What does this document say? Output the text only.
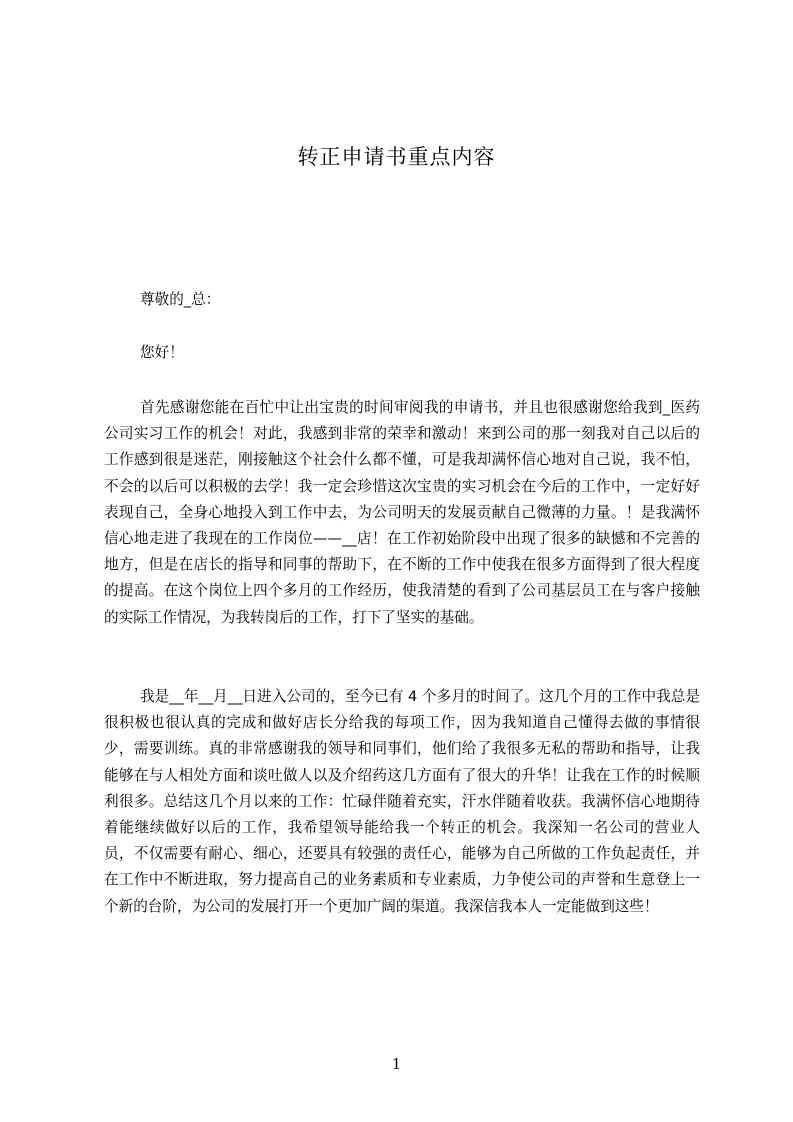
转正申请书重点内容
尊敬的_总：
您好！
首先感谢您能在百忙中让出宝贵的时间审阅我的申请书，并且也很感谢您给我到_医药公司实习工作的机会！对此，我感到非常的荣幸和激动！来到公司的那一刻我对自己以后的工作感到很是迷茫，刚接触这个社会什么都不懂，可是我却满怀信心地对自己说，我不怕，不会的以后可以积极的去学！我一定会珍惜这次宝贵的实习机会在今后的工作中，一定好好表现自己，全身心地投入到工作中去，为公司明天的发展贡献自己微薄的力量。！是我满怀信心地走进了我现在的工作岗位——__店！在工作初始阶段中出现了很多的缺憾和不完善的地方，但是在店长的指导和同事的帮助下，在不断的工作中使我在很多方面得到了很大程度的提高。在这个岗位上四个多月的工作经历，使我清楚的看到了公司基层员工在与客户接触的实际工作情况，为我转岗后的工作，打下了坚实的基础。
我是__年__月__日进入公司的，至今已有 4 个多月的时间了。这几个月的工作中我总是很积极也很认真的完成和做好店长分给我的每项工作，因为我知道自己懂得去做的事情很少，需要训练。真的非常感谢我的领导和同事们，他们给了我很多无私的帮助和指导，让我能够在与人相处方面和谈吐做人以及介绍药这几方面有了很大的升华！让我在工作的时候顺利很多。总结这几个月以来的工作：忙碌伴随着充实，汗水伴随着收获。我满怀信心地期待着能继续做好以后的工作，我希望领导能给我一个转正的机会。我深知一名公司的营业人员，不仅需要有耐心、细心，还要具有较强的责任心，能够为自己所做的工作负起责任，并在工作中不断进取，努力提高自己的业务素质和专业素质，力争使公司的声誉和生意登上一个新的台阶，为公司的发展打开一个更加广阔的渠道。我深信我本人一定能做到这些！
1
